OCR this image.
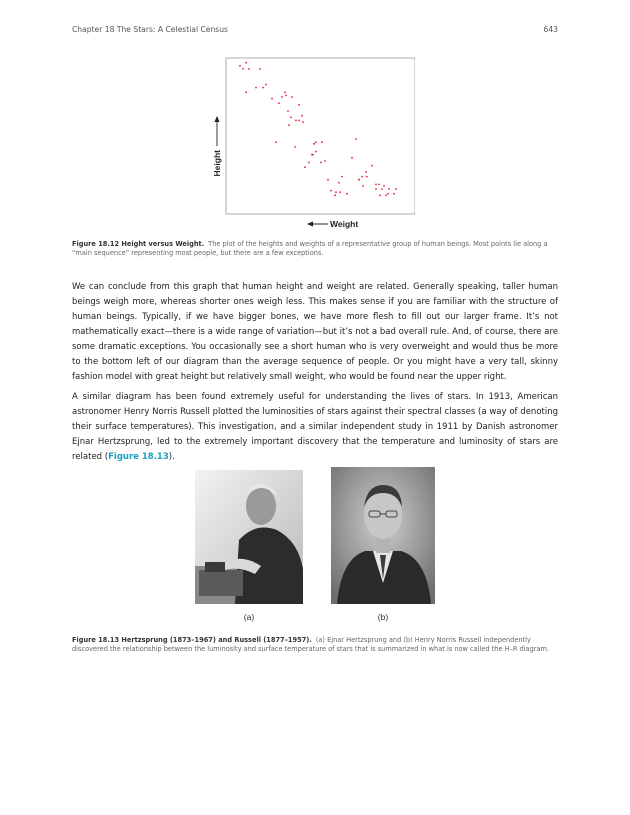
Chapter 18 The Stars: A Celestial Census	643
Height
Weight
Figure 18.12 Height versus Weight. The plot of the heights and weights of a representative group of human beings. Most points lie along a “main sequence” representing most people, but there are a few exceptions.

We can conclude from this graph that human height and weight are related. Generally speaking, taller human beings weigh more, whereas shorter ones weigh less. This makes sense if you are familiar with the structure of human beings. Typically, if we have bigger bones, we have more flesh to fill out our larger frame. It’s not mathematically exact—there is a wide range of variation—but it’s not a bad overall rule. And, of course, there are some dramatic exceptions. You occasionally see a short human who is very overweight and would thus be more to the bottom left of our diagram than the average sequence of people. Or you might have a very tall, skinny fashion model with great height but relatively small weight, who would be found near the upper right.

A similar diagram has been found extremely useful for understanding the lives of stars. In 1913, American astronomer Henry Norris Russell plotted the luminosities of stars against their spectral classes (a way of denoting their surface temperatures). This investigation, and a similar independent study in 1911 by Danish astronomer Ejnar Hertzsprung, led to the extremely important discovery that the temperature and luminosity of stars are related (Figure 18.13).

(a)	(b)
Figure 18.13 Hertzsprung (1873–1967) and Russell (1877–1957). (a) Ejnar Hertzsprung and (b) Henry Norris Russell independently discovered the relationship between the luminosity and surface temperature of stars that is summarized in what is now called the H–R diagram.
